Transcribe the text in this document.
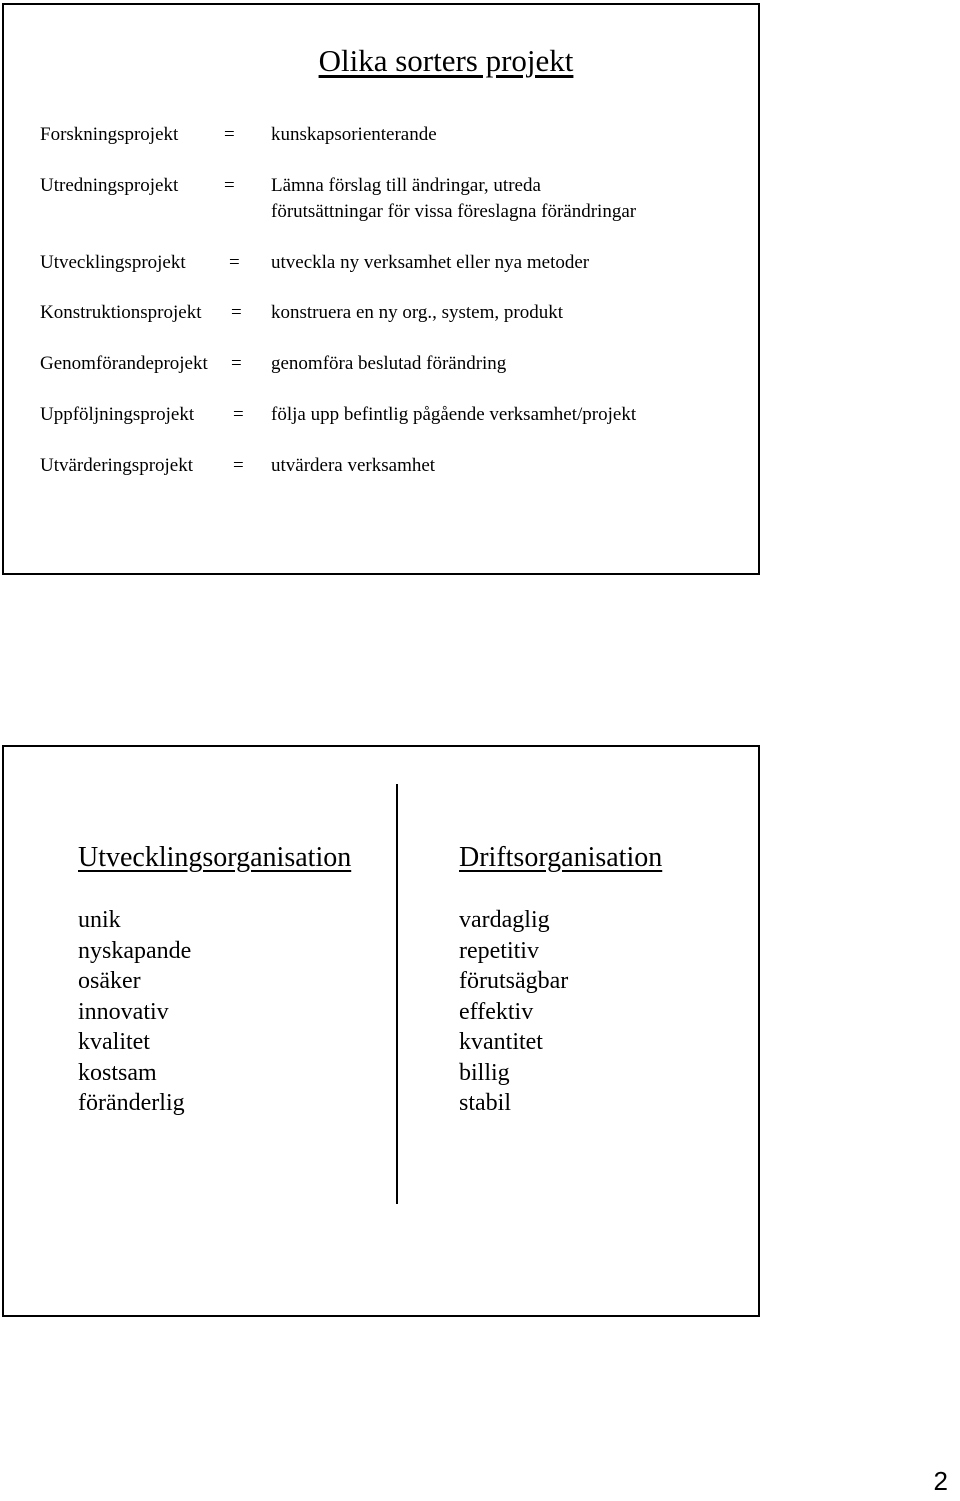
Olika sorters projekt
Forskningsprojekt = kunskapsorienterande
Utredningsprojekt = Lämna förslag till ändringar, utreda
förutsättningar för vissa föreslagna förändringar
Utvecklingsprojekt = utveckla ny verksamhet eller nya metoder
Konstruktionsprojekt = konstruera en ny org., system, produkt
Genomförandeprojekt = genomföra beslutad förändring
Uppföljningsprojekt = följa upp befintlig pågående verksamhet/projekt
Utvärderingsprojekt = utvärdera verksamhet
Utvecklingsorganisation
unik
nyskapande
osäker
innovativ
kvalitet
kostsam
föränderlig
Driftsorganisation
vardaglig
repetitiv
förutsägbar
effektiv
kvantitet
billig
stabil
2
